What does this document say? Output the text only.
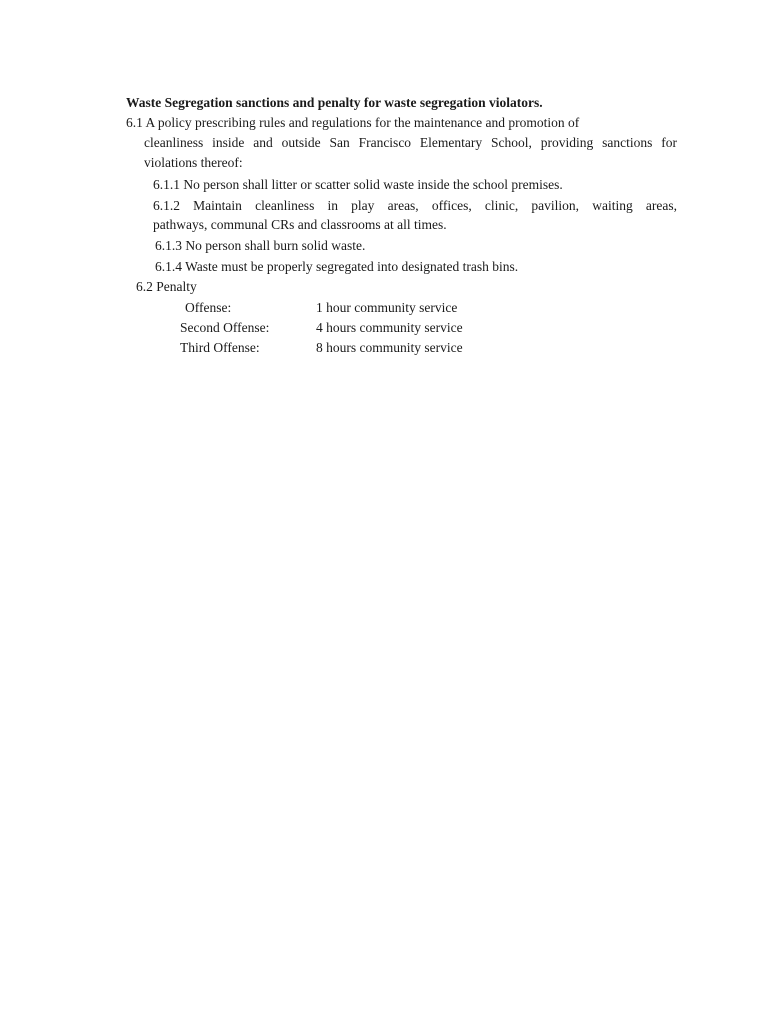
Waste Segregation sanctions and penalty for waste segregation violators.
6.1 A policy prescribing rules and regulations for the maintenance and promotion of
cleanliness inside and outside San Francisco Elementary School, providing sanctions for
violations thereof:
6.1.1 No person shall litter or scatter solid waste inside the school premises.
6.1.2 Maintain cleanliness in play areas, offices, clinic, pavilion, waiting areas,
pathways, communal CRs and classrooms at all times.
6.1.3 No person shall burn solid waste.
6.1.4 Waste must be properly segregated into designated trash bins.
6.2 Penalty
Offense:	1 hour community service
Second Offense:	4 hours community service
Third Offense:	8 hours community service
